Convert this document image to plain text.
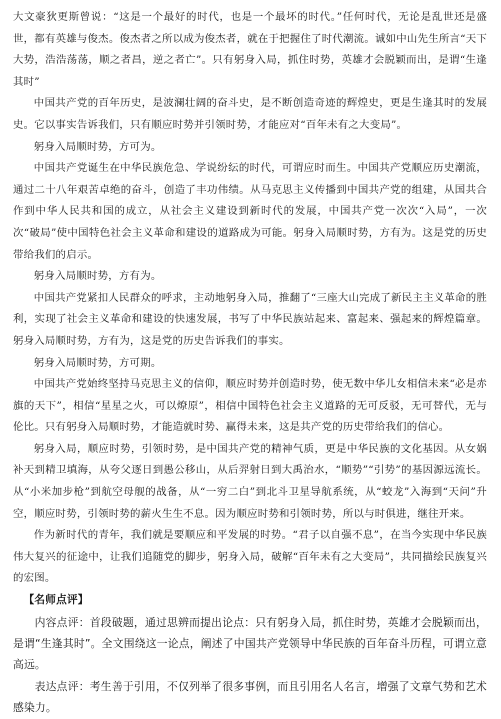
大文豪狄更斯曾说：“这是一个最好的时代，也是一个最坏的时代。”任何时代，无论是乱世还是盛世，都有英雄与俊杰。俊杰者之所以成为俊杰者，就在于把握住了时代潮流。诚如中山先生所言“天下大势，浩浩荡荡，顺之者昌，逆之者亡”。只有躬身入局，抓住时势，英雄才会脱颖而出，是谓“生逢其时”

中国共产党的百年历史，是波澜壮阔的奋斗史，是不断创造奇迹的辉煌史，更是生逢其时的发展史。它以事实告诉我们，只有顺应时势并引领时势，才能应对“百年未有之大变局”。

躬身入局顺时势，方可为。

中国共产党诞生在中华民族危急、学说纷纭的时代，可谓应时而生。中国共产党顺应历史潮流，通过二十八年艰苦卓绝的奋斗，创造了丰功伟绩。从马克思主义传播到中国共产党的组建，从国共合作到中华人民共和国的成立，从社会主义建设到新时代的发展，中国共产党一次次“入局”，一次次“破局”使中国特色社会主义革命和建设的道路成为可能。躬身入局顺时势，方有为。这是党的历史带给我们的启示。

躬身入局顺时势，方有为。

中国共产党紧扣人民群众的呼求，主动地躬身入局，推翻了“三座大山完成了新民主主义革命的胜利，实现了社会主义革命和建设的快速发展，书写了中华民族站起来、富起来、强起来的辉煌篇章。躬身入局顺时势，方有为，这是党的历史告诉我们的事实。

躬身入局顺时势，方可期。

中国共产党始终坚持马克思主义的信仰，顺应时势并创造时势，使无数中华儿女相信未来“必是赤旗的天下”，相信“星星之火，可以燎原”，相信中国特色社会主义道路的无可反驳，无可替代，无与伦比。只有躬身入局顺时势，才能造就时势、赢得未来，这是共产党的历史带给我们的信心。

躬身入局，顺应时势，引领时势，是中国共产党的精神气质，更是中华民族的文化基因。从女娲补天到精卫填海，从夸父逐日到愚公移山，从后羿射日到大禹治水，“顺势”“引势”的基因源远流长。从“小米加步枪”到航空母舰的战备，从“一穷二白”到北斗卫星导航系统，从“蛟龙”入海到“天问”升空，顺应时势，引领时势的薪火生生不息。因为顺应时势和引领时势，所以与时俱进，继往开来。

作为新时代的青年，我们就是要顺应和平发展的时势。“君子以自强不息”，在当今实现中华民族伟大复兴的征途中，让我们追随党的脚步，躬身入局，破解“百年未有之大变局”，共同描绘民族复兴的宏图。

【名师点评】

内容点评：首段破题，通过思辨而提出论点：只有躬身入局，抓住时势，英雄才会脱颖而出，是谓“生逢其时”。全文围绕这一论点，阐述了中国共产党领导中华民族的百年奋斗历程，可谓立意高远。

表达点评：考生善于引用，不仅列举了很多事例，而且引用名人名言，增强了文章气势和艺术感染力。
